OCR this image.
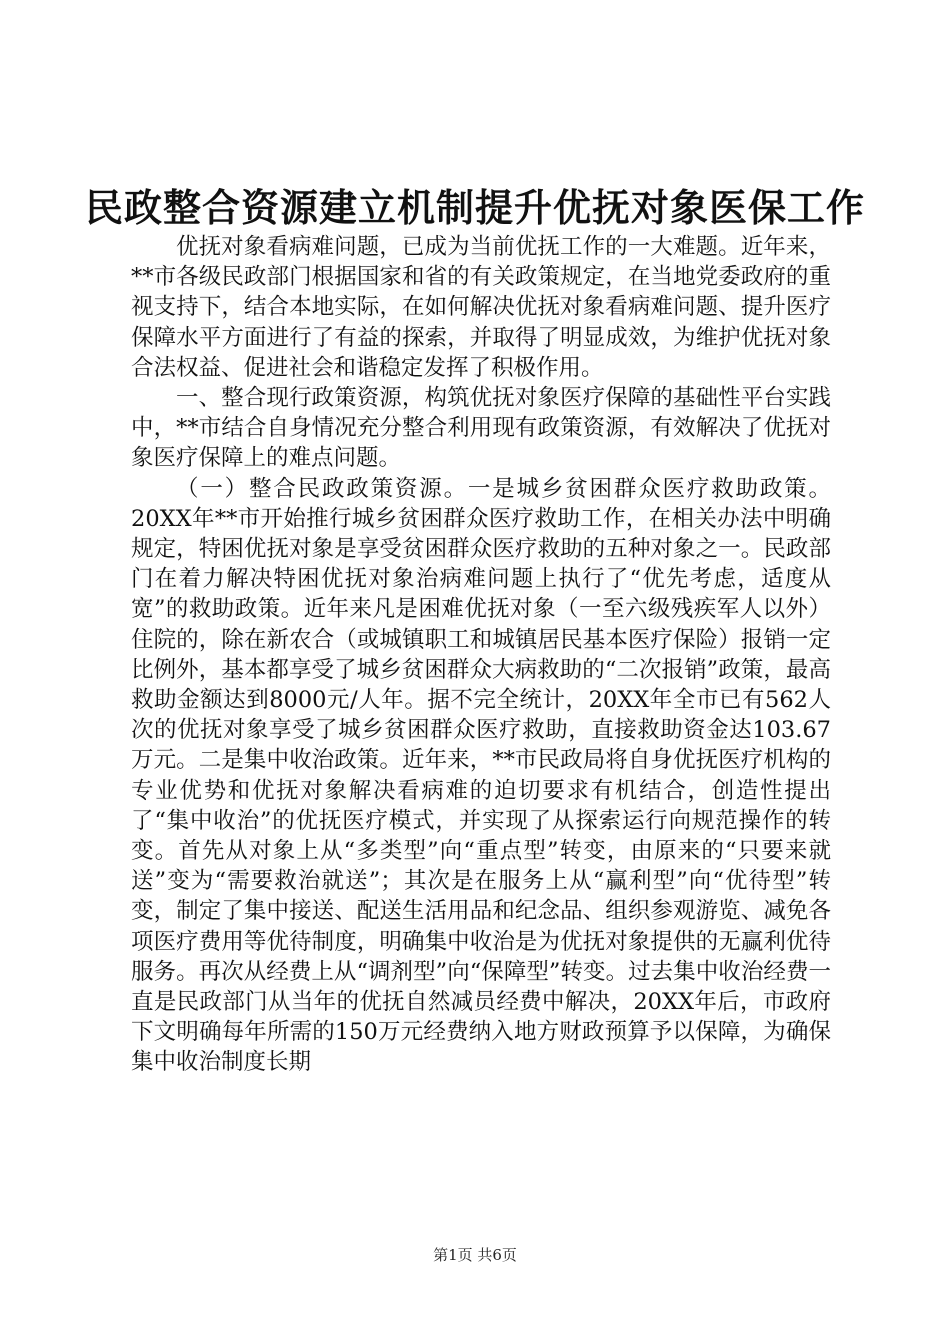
民政整合资源建立机制提升优抚对象医保工作

优抚对象看病难问题，已成为当前优抚工作的一大难题。近年来，**市各级民政部门根据国家和省的有关政策规定，在当地党委政府的重视支持下，结合本地实际，在如何解决优抚对象看病难问题、提升医疗保障水平方面进行了有益的探索，并取得了明显成效，为维护优抚对象合法权益、促进社会和谐稳定发挥了积极作用。

一、整合现行政策资源，构筑优抚对象医疗保障的基础性平台实践中，**市结合自身情况充分整合利用现有政策资源，有效解决了优抚对象医疗保障上的难点问题。

（一）整合民政政策资源。一是城乡贫困群众医疗救助政策。20XX年**市开始推行城乡贫困群众医疗救助工作，在相关办法中明确规定，特困优抚对象是享受贫困群众医疗救助的五种对象之一。民政部门在着力解决特困优抚对象治病难问题上执行了“优先考虑，适度从宽”的救助政策。近年来凡是困难优抚对象（一至六级残疾军人以外）住院的，除在新农合（或城镇职工和城镇居民基本医疗保险）报销一定比例外，基本都享受了城乡贫困群众大病救助的“二次报销”政策，最高救助金额达到8000元/人年。据不完全统计，20XX年全市已有562人次的优抚对象享受了城乡贫困群众医疗救助，直接救助资金达103.67万元。二是集中收治政策。近年来，**市民政局将自身优抚医疗机构的专业优势和优抚对象解决看病难的迫切要求有机结合，创造性提出了“集中收治”的优抚医疗模式，并实现了从探索运行向规范操作的转变。首先从对象上从“多类型”向“重点型”转变，由原来的“只要来就送”变为“需要救治就送”；其次是在服务上从“赢利型”向“优待型”转变，制定了集中接送、配送生活用品和纪念品、组织参观游览、减免各项医疗费用等优待制度，明确集中收治是为优抚对象提供的无赢利优待服务。再次从经费上从“调剂型”向“保障型”转变。过去集中收治经费一直是民政部门从当年的优抚自然减员经费中解决，20XX年后，市政府下文明确每年所需的150万元经费纳入地方财政预算予以保障，为确保集中收治制度长期

第1页 共6页
